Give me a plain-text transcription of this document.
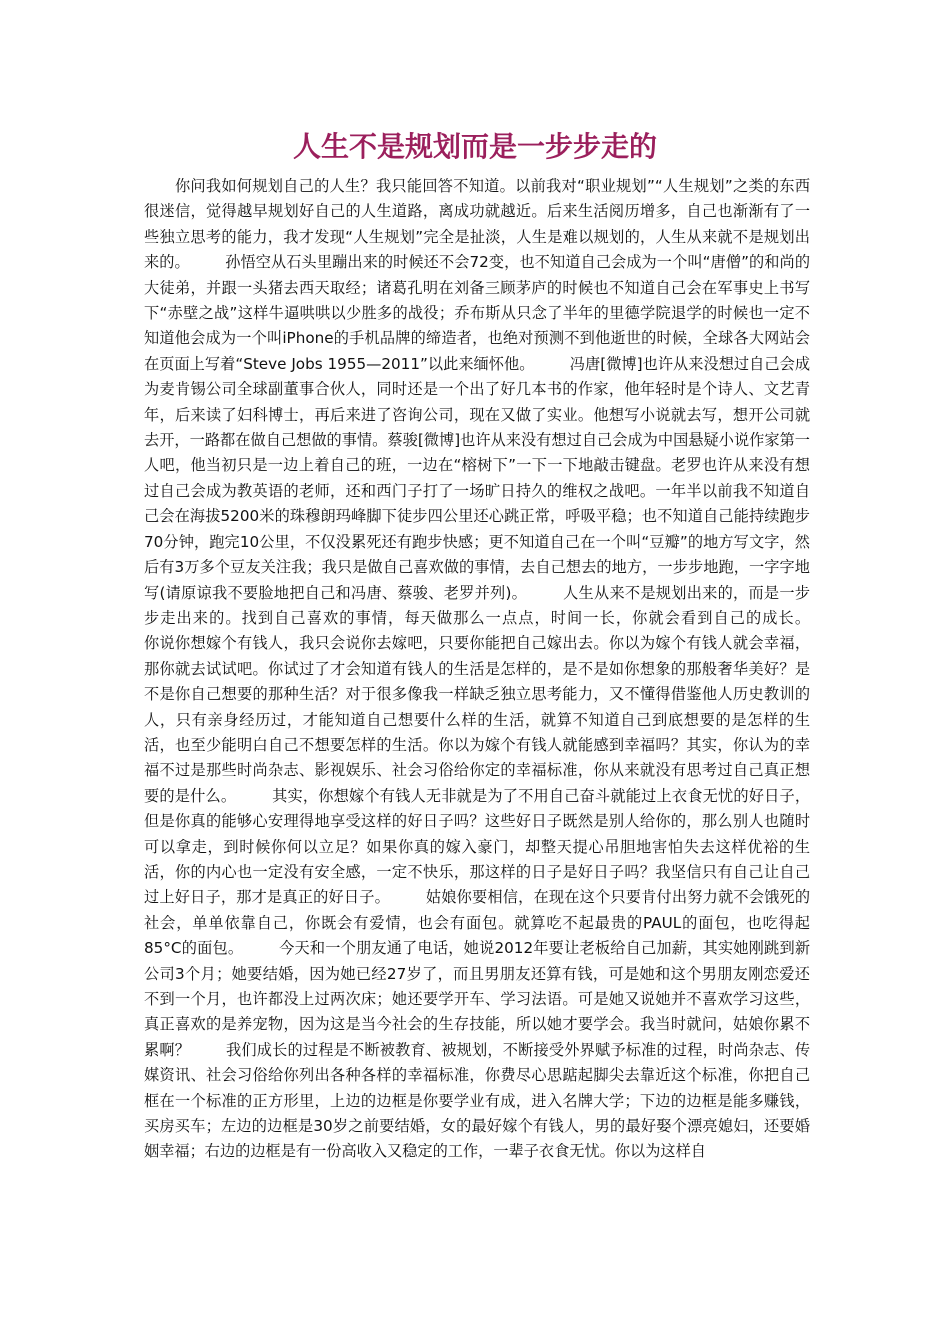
人生不是规划而是一步步走的
你问我如何规划自己的人生？我只能回答不知道。以前我对“职业规划”“人生规划”之类的东西很迷信，觉得越早规划好自己的人生道路，离成功就越近。后来生活阅历增多，自己也渐渐有了一些独立思考的能力，我才发现“人生规划”完全是扯淡，人生是难以规划的，人生从来就不是规划出来的。 孙悟空从石头里蹦出来的时候还不会72变，也不知道自己会成为一个叫“唐僧”的和尚的大徒弟，并跟一头猪去西天取经；诸葛孔明在刘备三顾茅庐的时候也不知道自己会在军事史上书写下“赤壁之战”这样牛逼哄哄以少胜多的战役；乔布斯从只念了半年的里德学院退学的时候也一定不知道他会成为一个叫iPhone的手机品牌的缔造者，也绝对预测不到他逝世的时候，全球各大网站会在页面上写着“Steve Jobs 1955—2011”以此来缅怀他。 冯唐[微博]也许从来没想过自己会成为麦肯锡公司全球副董事合伙人，同时还是一个出了好几本书的作家，他年轻时是个诗人、文艺青年，后来读了妇科博士，再后来进了咨询公司，现在又做了实业。他想写小说就去写，想开公司就去开，一路都在做自己想做的事情。蔡骏[微博]也许从来没有想过自己会成为中国悬疑小说作家第一人吧，他当初只是一边上着自己的班，一边在“榕树下”一下一下地敲击键盘。老罗也许从来没有想过自己会成为教英语的老师，还和西门子打了一场旷日持久的维权之战吧。一年半以前我不知道自己会在海拔5200米的珠穆朗玛峰脚下徒步四公里还心跳正常，呼吸平稳；也不知道自己能持续跑步70分钟，跑完10公里，不仅没累死还有跑步快感；更不知道自己在一个叫“豆瓣”的地方写文字，然后有3万多个豆友关注我；我只是做自己喜欢做的事情，去自己想去的地方，一步步地跑，一字字地写(请原谅我不要脸地把自己和冯唐、蔡骏、老罗并列)。 人生从来不是规划出来的，而是一步步走出来的。找到自己喜欢的事情，每天做那么一点点，时间一长，你就会看到自己的成长。 你说你想嫁个有钱人，我只会说你去嫁吧，只要你能把自己嫁出去。你以为嫁个有钱人就会幸福，那你就去试试吧。你试过了才会知道有钱人的生活是怎样的，是不是如你想象的那般奢华美好？是不是你自己想要的那种生活？对于很多像我一样缺乏独立思考能力，又不懂得借鉴他人历史教训的人，只有亲身经历过，才能知道自己想要什么样的生活，就算不知道自己到底想要的是怎样的生活，也至少能明白自己不想要怎样的生活。你以为嫁个有钱人就能感到幸福吗？其实，你认为的幸福不过是那些时尚杂志、影视娱乐、社会习俗给你定的幸福标准，你从来就没有思考过自己真正想要的是什么。 其实，你想嫁个有钱人无非就是为了不用自己奋斗就能过上衣食无忧的好日子，但是你真的能够心安理得地享受这样的好日子吗？这些好日子既然是别人给你的，那么别人也随时可以拿走，到时候你何以立足？如果你真的嫁入豪门，却整天提心吊胆地害怕失去这样优裕的生活，你的内心也一定没有安全感，一定不快乐，那这样的日子是好日子吗？我坚信只有自己让自己过上好日子，那才是真正的好日子。 姑娘你要相信，在现在这个只要肯付出努力就不会饿死的社会，单单依靠自己，你既会有爱情，也会有面包。就算吃不起最贵的PAUL的面包，也吃得起85°C的面包。 今天和一个朋友通了电话，她说2012年要让老板给自己加薪，其实她刚跳到新公司3个月；她要结婚，因为她已经27岁了，而且男朋友还算有钱，可是她和这个男朋友刚恋爱还不到一个月，也许都没上过两次床；她还要学开车、学习法语。可是她又说她并不喜欢学习这些，真正喜欢的是养宠物，因为这是当今社会的生存技能，所以她才要学会。我当时就问，姑娘你累不累啊？ 我们成长的过程是不断被教育、被规划，不断接受外界赋予标准的过程，时尚杂志、传媒资讯、社会习俗给你列出各种各样的幸福标准，你费尽心思踮起脚尖去靠近这个标准，你把自己框在一个标准的正方形里，上边的边框是你要学业有成，进入名牌大学；下边的边框是能多赚钱，买房买车；左边的边框是30岁之前要结婚，女的最好嫁个有钱人，男的最好娶个漂亮媳妇，还要婚姻幸福；右边的边框是有一份高收入又稳定的工作，一辈子衣食无忧。你以为这样自
